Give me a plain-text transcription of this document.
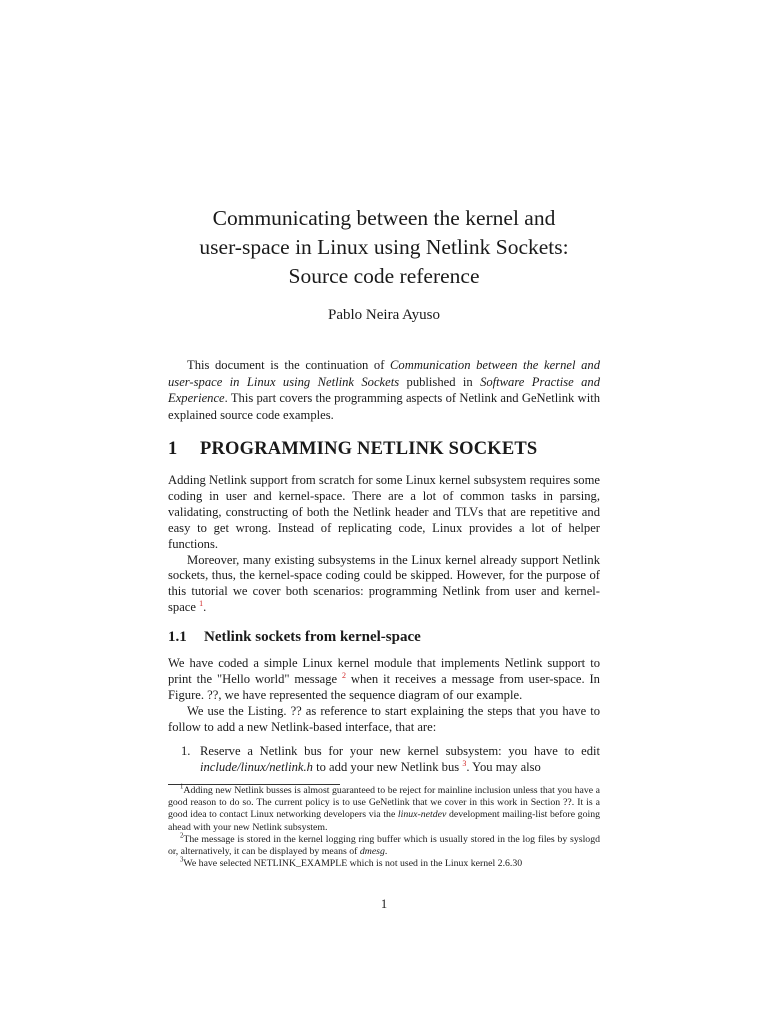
Communicating between the kernel and
user-space in Linux using Netlink Sockets:
Source code reference
Pablo Neira Ayuso
This document is the continuation of Communication between the kernel and user-space in Linux using Netlink Sockets published in Software Practise and Experience. This part covers the programming aspects of Netlink and GeNetlink with explained source code examples.
1 PROGRAMMING NETLINK SOCKETS

Adding Netlink support from scratch for some Linux kernel subsystem requires some coding in user and kernel-space. There are a lot of common tasks in parsing, validating, constructing of both the Netlink header and TLVs that are repetitive and easy to get wrong. Instead of replicating code, Linux provides a lot of helper functions.

Moreover, many existing subsystems in the Linux kernel already support Netlink sockets, thus, the kernel-space coding could be skipped. However, for the purpose of this tutorial we cover both scenarios: programming Netlink from user and kernel-space $^1$.

1.1 Netlink sockets from kernel-space

We have coded a simple Linux kernel module that implements Netlink support to print the "Hello world" message $^2$ when it receives a message from user-space. In Figure. ??, we have represented the sequence diagram of our example.

We use the Listing. ?? as reference to start explaining the steps that you have to follow to add a new Netlink-based interface, that are:

1. Reserve a Netlink bus for your new kernel subsystem: you have to edit include/linux/netlink.h to add your new Netlink bus $^3$. You may also

$^1$Adding new Netlink busses is almost guaranteed to be reject for mainline inclusion unless that you have a good reason to do so. The current policy is to use GeNetlink that we cover in this work in Section ??. It is a good idea to contact Linux networking developers via the linux-netdev development mailing-list before going ahead with your new Netlink subsystem.

$^2$The message is stored in the kernel logging ring buffer which is usually stored in the log files by syslogd or, alternatively, it can be displayed by means of dmesg.

$^3$We have selected NETLINK_EXAMPLE which is not used in the Linux kernel 2.6.30

1
